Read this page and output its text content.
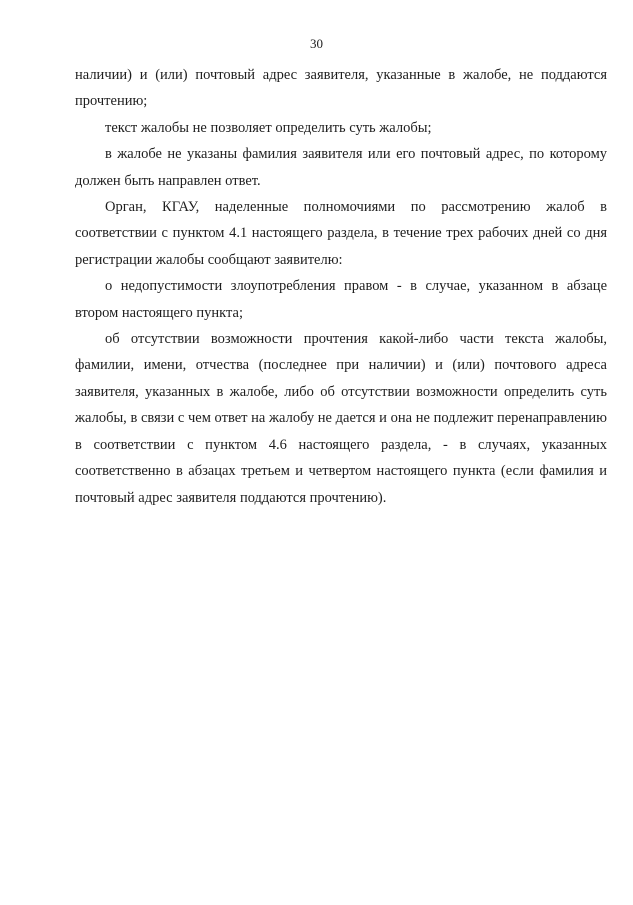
30

наличии) и (или) почтовый адрес заявителя, указанные в жалобе, не поддаются прочтению;

текст жалобы не позволяет определить суть жалобы;

в жалобе не указаны фамилия заявителя или его почтовый адрес, по которому должен быть направлен ответ.

Орган, КГАУ, наделенные полномочиями по рассмотрению жалоб в соответствии с пунктом 4.1 настоящего раздела, в течение трех рабочих дней со дня регистрации жалобы сообщают заявителю:

о недопустимости злоупотребления правом - в случае, указанном в абзаце втором настоящего пункта;

об отсутствии возможности прочтения какой-либо части текста жалобы, фамилии, имени, отчества (последнее при наличии) и (или) почтового адреса заявителя, указанных в жалобе, либо об отсутствии возможности определить суть жалобы, в связи с чем ответ на жалобу не дается и она не подлежит перенаправлению в соответствии с пунктом 4.6 настоящего раздела, - в случаях, указанных соответственно в абзацах третьем и четвертом настоящего пункта (если фамилия и почтовый адрес заявителя поддаются прочтению).
